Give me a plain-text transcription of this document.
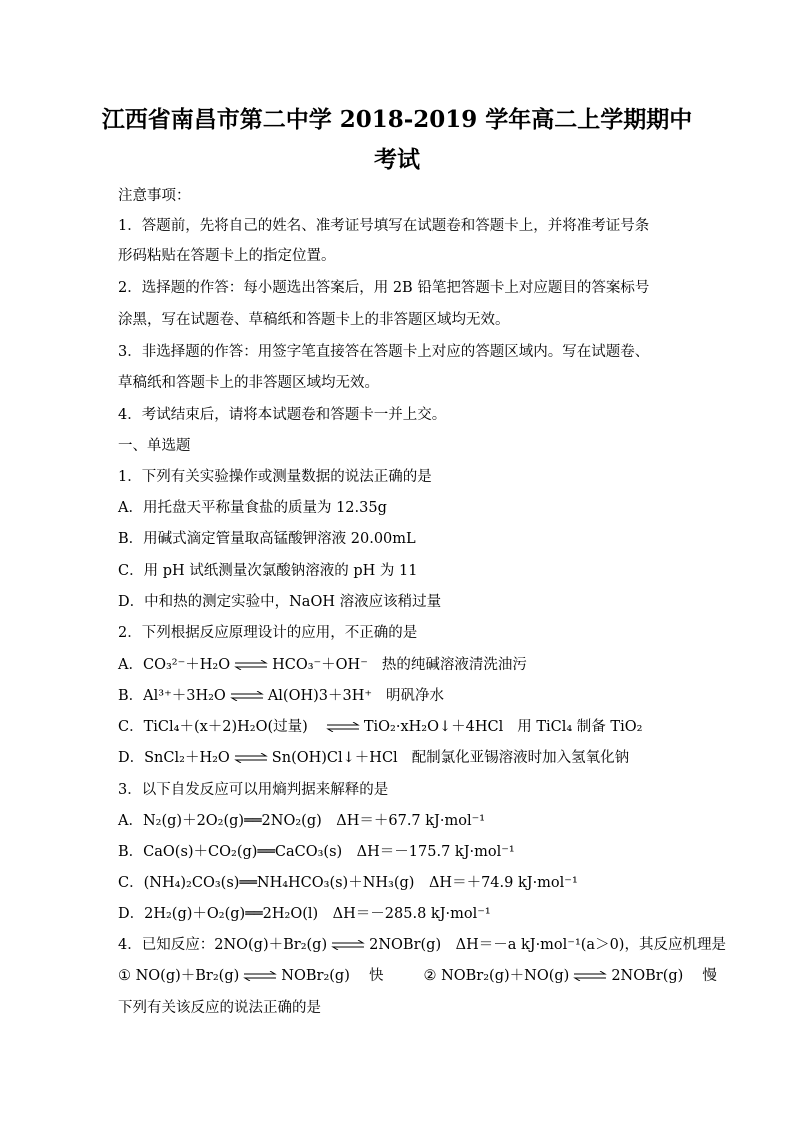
江西省南昌市第二中学 2018-2019 学年高二上学期期中
考试
注意事项：
1．答题前，先将自己的姓名、准考证号填写在试题卷和答题卡上，并将准考证号条
形码粘贴在答题卡上的指定位置。
2．选择题的作答：每小题选出答案后，用 2B 铅笔把答题卡上对应题目的答案标号
涂黑，写在试题卷、草稿纸和答题卡上的非答题区域均无效。
3．非选择题的作答：用签字笔直接答在答题卡上对应的答题区域内。写在试题卷、
草稿纸和答题卡上的非答题区域均无效。
4．考试结束后，请将本试题卷和答题卡一并上交。
一、单选题
1．下列有关实验操作或测量数据的说法正确的是
A．用托盘天平称量食盐的质量为 12.35g
B．用碱式滴定管量取高锰酸钾溶液 20.00mL
C．用 pH 试纸测量次氯酸钠溶液的 pH 为 11
D．中和热的测定实验中，NaOH 溶液应该稍过量
2．下列根据反应原理设计的应用，不正确的是
A．CO₃²⁻＋H₂O ⇌ HCO₃⁻＋OH⁻ 热的纯碱溶液清洗油污
B．Al³⁺＋3H₂O ⇌ Al(OH)3＋3H⁺ 明矾净水
C．TiCl₄＋(x＋2)H₂O(过量) ⇌ TiO₂·xH₂O↓＋4HCl 用 TiCl₄ 制备 TiO₂
D．SnCl₂＋H₂O ⇌ Sn(OH)Cl↓＋HCl 配制氯化亚锡溶液时加入氢氧化钠
3．以下自发反应可以用熵判据来解释的是
A．N₂(g)＋2O₂(g)══2NO₂(g)　ΔH＝＋67.7 kJ·mol⁻¹
B．CaO(s)＋CO₂(g)══CaCO₃(s)　ΔH＝－175.7 kJ·mol⁻¹
C．(NH₄)₂CO₃(s)══NH₄HCO₃(s)＋NH₃(g)　ΔH＝＋74.9 kJ·mol⁻¹
D．2H₂(g)＋O₂(g)══2H₂O(l)　ΔH＝－285.8 kJ·mol⁻¹
4．已知反应：2NO(g)＋Br₂(g) ⇌ 2NOBr(g)　ΔH＝－a kJ·mol⁻¹(a＞0)，其反应机理是
① NO(g)＋Br₂(g) ⇌ NOBr₂(g)　 快	② NOBr₂(g)＋NO(g) ⇌ 2NOBr(g)　 慢
下列有关该反应的说法正确的是
